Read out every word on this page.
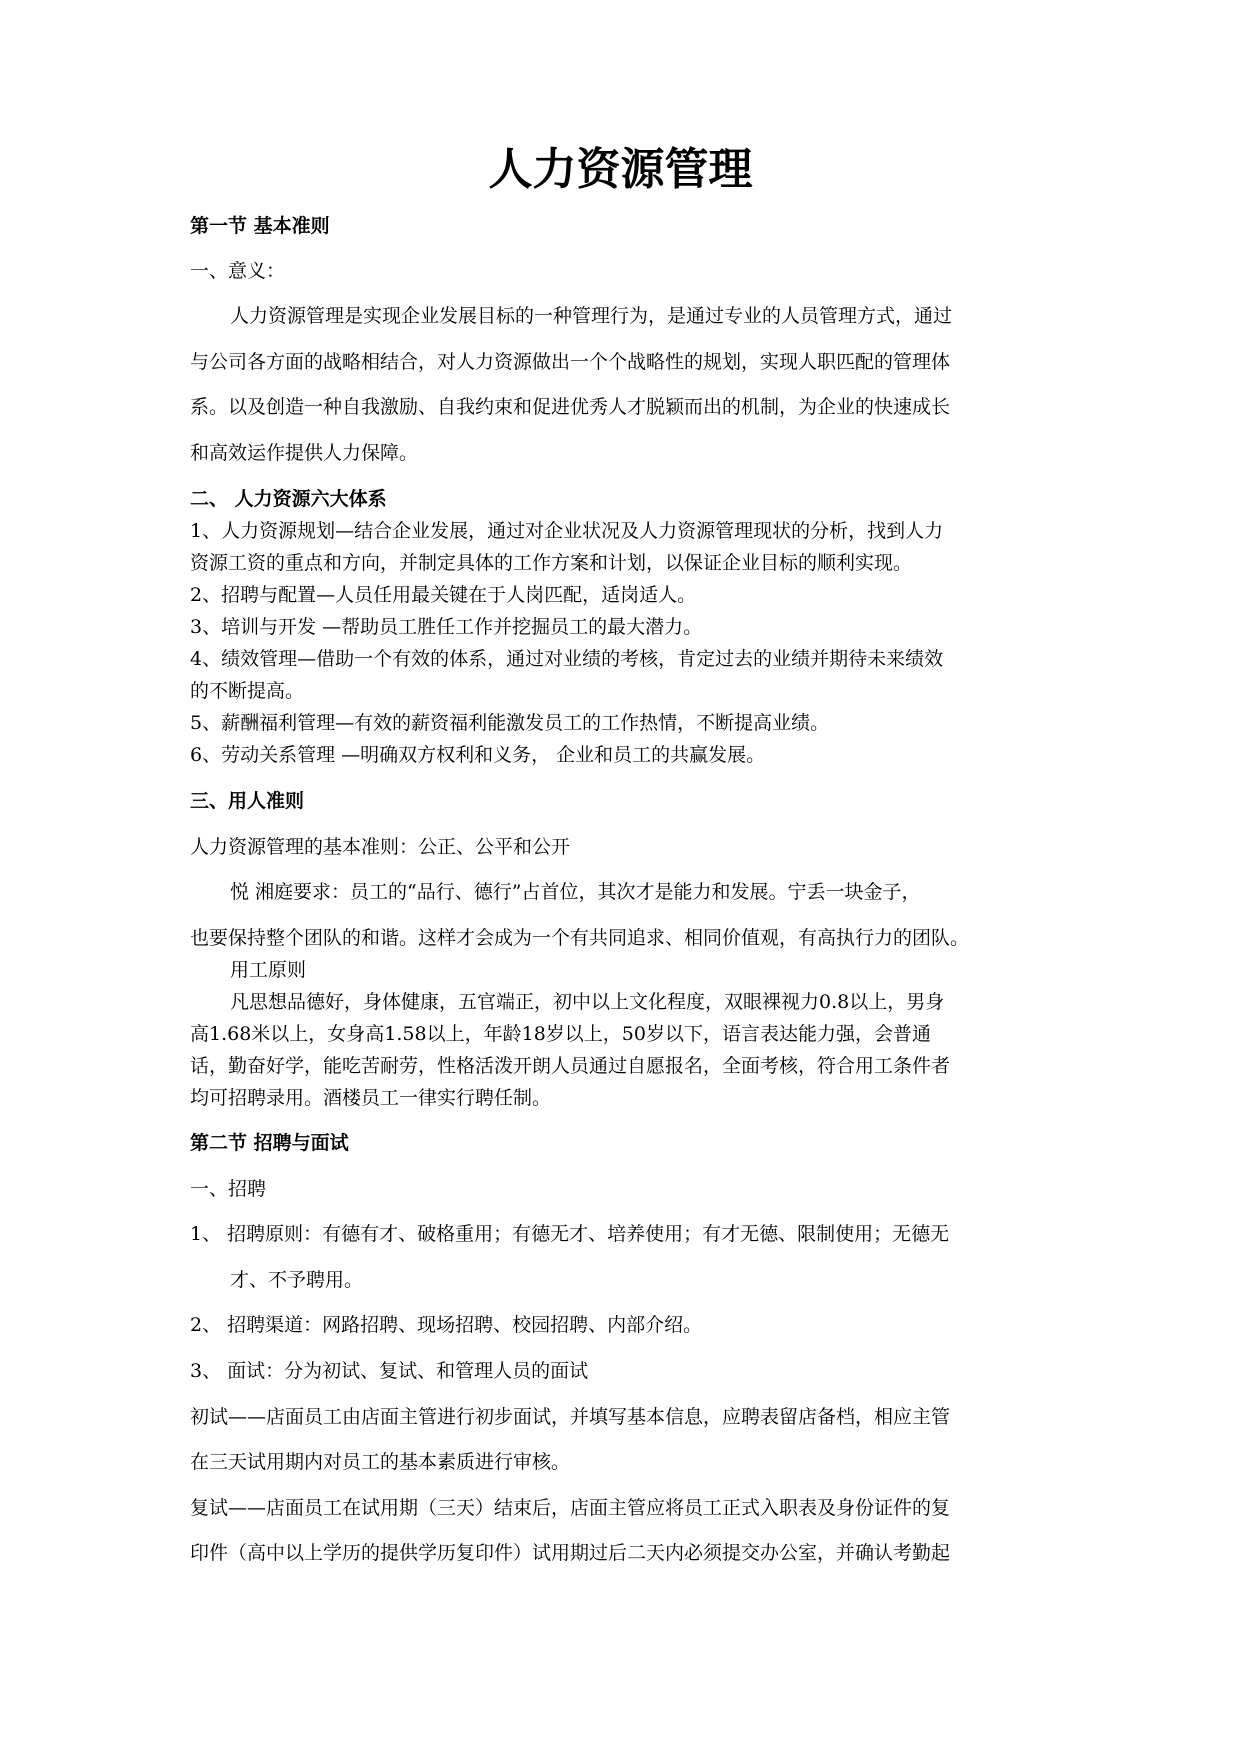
人力资源管理
第一节 基本准则
一、意义：
人力资源管理是实现企业发展目标的一种管理行为，是通过专业的人员管理方式，通过
与公司各方面的战略相结合，对人力资源做出一个个战略性的规划，实现人职匹配的管理体
系。以及创造一种自我激励、自我约束和促进优秀人才脱颖而出的机制，为企业的快速成长
和高效运作提供人力保障。
二、 人力资源六大体系
1、人力资源规划—结合企业发展，通过对企业状况及人力资源管理现状的分析，找到人力
资源工资的重点和方向，并制定具体的工作方案和计划，以保证企业目标的顺利实现。
2、招聘与配置—人员任用最关键在于人岗匹配，适岗适人。
3、培训与开发 —帮助员工胜任工作并挖掘员工的最大潜力。
4、绩效管理—借助一个有效的体系，通过对业绩的考核，肯定过去的业绩并期待未来绩效
的不断提高。
5、薪酬福利管理—有效的薪资福利能激发员工的工作热情，不断提高业绩。
6、劳动关系管理 —明确双方权利和义务， 企业和员工的共赢发展。
三、用人准则
人力资源管理的基本准则：公正、公平和公开
悦 湘庭要求：员工的“品行、德行”占首位，其次才是能力和发展。宁丢一块金子，
也要保持整个团队的和谐。这样才会成为一个有共同追求、相同价值观，有高执行力的团队。
用工原则
凡思想品德好，身体健康，五官端正，初中以上文化程度，双眼裸视力0.8以上，男身
高1.68米以上，女身高1.58以上，年龄18岁以上，50岁以下，语言表达能力强，会普通
话，勤奋好学，能吃苦耐劳，性格活泼开朗人员通过自愿报名，全面考核，符合用工条件者
均可招聘录用。酒楼员工一律实行聘任制。
第二节 招聘与面试
一、招聘
1、 招聘原则：有德有才、破格重用；有德无才、培养使用；有才无德、限制使用；无德无
才、不予聘用。
2、 招聘渠道：网路招聘、现场招聘、校园招聘、内部介绍。
3、 面试：分为初试、复试、和管理人员的面试
初试——店面员工由店面主管进行初步面试，并填写基本信息，应聘表留店备档，相应主管
在三天试用期内对员工的基本素质进行审核。
复试——店面员工在试用期（三天）结束后，店面主管应将员工正式入职表及身份证件的复
印件（高中以上学历的提供学历复印件）试用期过后二天内必须提交办公室，并确认考勤起
